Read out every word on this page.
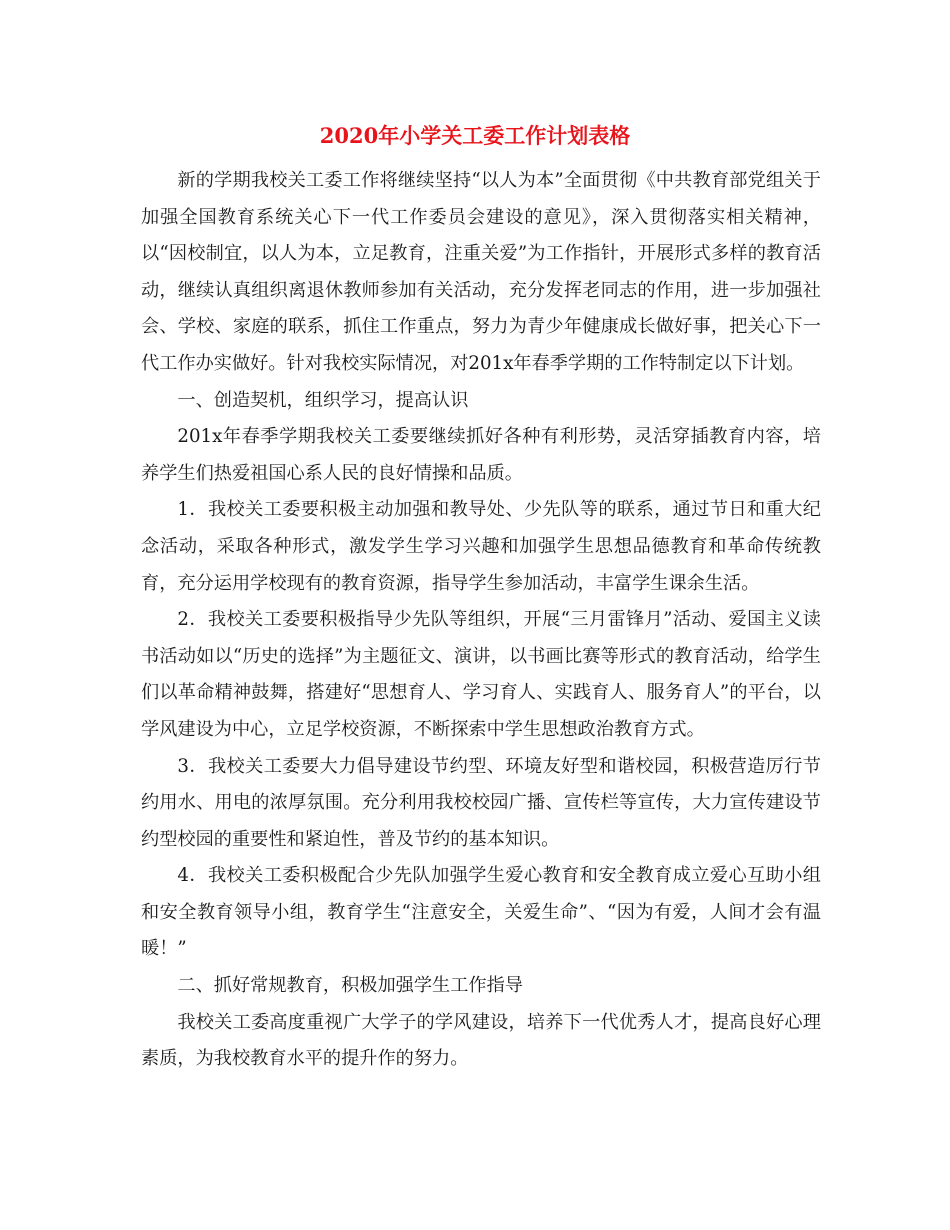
2020年小学关工委工作计划表格

新的学期我校关工委工作将继续坚持“以人为本”全面贯彻《中共教育部党组关于加强全国教育系统关心下一代工作委员会建设的意见》，深入贯彻落实相关精神，以“因校制宜，以人为本，立足教育，注重关爱”为工作指针，开展形式多样的教育活动，继续认真组织离退休教师参加有关活动，充分发挥老同志的作用，进一步加强社会、学校、家庭的联系，抓住工作重点，努力为青少年健康成长做好事，把关心下一代工作办实做好。针对我校实际情况，对201x年春季学期的工作特制定以下计划。

一、创造契机，组织学习，提高认识

201x年春季学期我校关工委要继续抓好各种有利形势，灵活穿插教育内容，培养学生们热爱祖国心系人民的良好情操和品质。

1．我校关工委要积极主动加强和教导处、少先队等的联系，通过节日和重大纪念活动，采取各种形式，激发学生学习兴趣和加强学生思想品德教育和革命传统教育，充分运用学校现有的教育资源，指导学生参加活动，丰富学生课余生活。

2．我校关工委要积极指导少先队等组织，开展“三月雷锋月”活动、爱国主义读书活动如以“历史的选择”为主题征文、演讲，以书画比赛等形式的教育活动，给学生们以革命精神鼓舞，搭建好“思想育人、学习育人、实践育人、服务育人”的平台，以学风建设为中心，立足学校资源，不断探索中学生思想政治教育方式。

3．我校关工委要大力倡导建设节约型、环境友好型和谐校园，积极营造厉行节约用水、用电的浓厚氛围。充分利用我校校园广播、宣传栏等宣传，大力宣传建设节约型校园的重要性和紧迫性，普及节约的基本知识。

4．我校关工委积极配合少先队加强学生爱心教育和安全教育成立爱心互助小组和安全教育领导小组，教育学生“注意安全，关爱生命”、“因为有爱，人间才会有温暖！”

二、抓好常规教育，积极加强学生工作指导

我校关工委高度重视广大学子的学风建设，培养下一代优秀人才，提高良好心理素质，为我校教育水平的提升作的努力。
